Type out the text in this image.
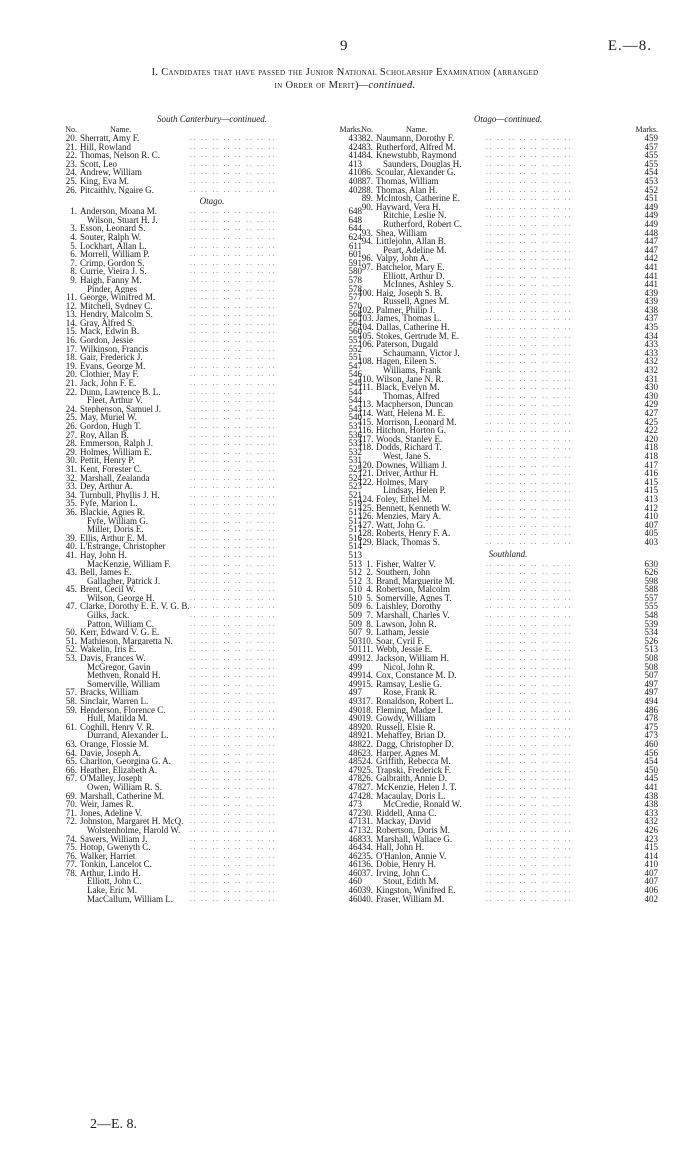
9	E.—8.
I. Candidates that have passed the Junior National Scholarship Examination (arranged
in Order of Merit)—continued.
South Canterbury—continued.
No.	Name.	Marks.
20. Sherratt, Amy F.	.. .. .. .. .. .. .. ..	433
21. Hill, Rowland	.. .. .. .. .. .. .. ..	424
22. Thomas, Nelson R. C.	.. .. .. .. .. .. .. ..	414
23. Scott, Leo	.. .. .. .. .. .. .. ..	413
24. Andrew, William	.. .. .. .. .. .. .. ..	410
25. King, Eva M.	.. .. .. .. .. .. .. ..	408
26. Pitcaithly, Ngaire G.	.. .. .. .. .. .. .. ..	402
Otago.
1. Anderson, Moana M.	.. .. .. .. .. .. .. ..	648
Wilson, Stuart H. J.	.. .. .. .. .. .. .. ..	648
3. Esson, Leonard S.	.. .. .. .. .. .. .. ..	644
4. Souter, Ralph W.	.. .. .. .. .. .. .. ..	624
5. Lockhart, Allan L.	.. .. .. .. .. .. .. ..	611
6. Morrell, William P.	.. .. .. .. .. .. .. ..	601
7. Crimp, Gordon S.	.. .. .. .. .. .. .. ..	591
8. Currie, Vieira J. S.	.. .. .. .. .. .. .. ..	580
9. Haigh, Fanny M.	.. .. .. .. .. .. .. ..	578
Pinder, Agnes	.. .. .. .. .. .. .. ..	578
11. George, Winifred M.	.. .. .. .. .. .. .. ..	577
12. Mitchell, Sydney C.	.. .. .. .. .. .. .. ..	570
13. Hendry, Malcolm S.	.. .. .. .. .. .. .. ..	568
14. Gray, Alfred S.	.. .. .. .. .. .. .. ..	564
15. Mack, Edwin B.	.. .. .. .. .. .. .. ..	560
16. Gordon, Jessie	.. .. .. .. .. .. .. ..	557
17. Wilkinson, Francis	.. .. .. .. .. .. .. ..	552
18. Gair, Frederick J.	.. .. .. .. .. .. .. ..	551
19. Evans, George M.	.. .. .. .. .. .. .. ..	547
20. Clothier, May F.	.. .. .. .. .. .. .. ..	546
21. Jack, John F. E.	.. .. .. .. .. .. .. ..	545
22. Dunn, Lawrence B. L.	.. .. .. .. .. .. .. ..	544
Fleet, Arthur V.	.. .. .. .. .. .. .. ..	544
24. Stephenson, Samuel J.	.. .. .. .. .. .. .. ..	543
25. May, Muriel W.	.. .. .. .. .. .. .. ..	540
26. Gordon, Hugh T.	.. .. .. .. .. .. .. ..	537
27. Roy, Allan B.	.. .. .. .. .. .. .. ..	536
28. Emmerson, Ralph J.	.. .. .. .. .. .. .. ..	533
29. Holmes, William E.	.. .. .. .. .. .. .. ..	532
30. Pettit, Henry P.	.. .. .. .. .. .. .. ..	531
31. Kent, Forester C.	.. .. .. .. .. .. .. ..	525
32. Marshall, Zealanda	.. .. .. .. .. .. .. ..	524
33. Dey, Arthur A.	.. .. .. .. .. .. .. ..	523
34. Turnbull, Phyllis J. H.	.. .. .. .. .. .. .. ..	521
35. Fyfe, Marion L.	.. .. .. .. .. .. .. ..	519
36. Blackie, Agnes R.	.. .. .. .. .. .. .. ..	517
Fyfe, William G.	.. .. .. .. .. .. .. ..	517
Miller, Doris E.	.. .. .. .. .. .. .. ..	517
39. Ellis, Arthur E. M.	.. .. .. .. .. .. .. ..	516
40. L'Estrange, Christopher	.. .. .. .. .. .. .. ..	514
41. Hay, John H.	.. .. .. .. .. .. .. ..	513
MacKenzie, William F.	.. .. .. .. .. .. .. ..	513
43. Bell, James E.	.. .. .. .. .. .. .. ..	512
Gallagher, Patrick J.	.. .. .. .. .. .. .. ..	512
45. Brent, Cecil W.	.. .. .. .. .. .. .. ..	510
Wilson, George H.	.. .. .. .. .. .. .. ..	510
47. Clarke, Dorothy E. E. V. G. B. .. .. .. .. .. .. .. ..	509
Gilks, Jack.	.. .. .. .. .. .. .. ..	509
Patton, William C.	.. .. .. .. .. .. .. ..	509
50. Kerr, Edward V. G. E.	.. .. .. .. .. .. .. ..	507
51. Mathieson, Margaretta N.	.. .. .. .. .. .. .. ..	503
52. Wakelin, Iris E.	.. .. .. .. .. .. .. ..	501
53. Davis, Frances W.	.. .. .. .. .. .. .. ..	499
McGregor, Gavin	.. .. .. .. .. .. .. ..	499
Methven, Ronald H.	.. .. .. .. .. .. .. ..	499
Somerville, William	.. .. .. .. .. .. .. ..	499
57. Bracks, William	.. .. .. .. .. .. .. ..	497
58. Sinclair, Warren L.	.. .. .. .. .. .. .. ..	493
59. Henderson, Florence C.	.. .. .. .. .. .. .. ..	490
Hull, Matilda M.	.. .. .. .. .. .. .. ..	490
61. Coghill, Henry V. R.	.. .. .. .. .. .. .. ..	489
Durrand, Alexander L.	.. .. .. .. .. .. .. ..	489
63. Orange, Flossie M.	.. .. .. .. .. .. .. ..	488
64. Davie, Joseph A.	.. .. .. .. .. .. .. ..	486
65. Charlton, Georgina G. A.	.. .. .. .. .. .. .. ..	485
66. Heather, Elizabeth A.	.. .. .. .. .. .. .. ..	479
67. O'Malley, Joseph	.. .. .. .. .. .. .. ..	478
Owen, William R. S.	.. .. .. .. .. .. .. ..	478
69. Marshall, Catherine M.	.. .. .. .. .. .. .. ..	474
70. Weir, James R.	.. .. .. .. .. .. .. ..	473
71. Jones, Adeline V.	.. .. .. .. .. .. .. ..	472
72. Johnston, Margaret H. McQ. .. .. .. .. .. .. .. ..	471
Wolstenholme, Harold W.	.. .. .. .. .. .. .. ..	471
74. Sawers, William J.	.. .. .. .. .. .. .. ..	468
75. Hotop, Gwenyth C.	.. .. .. .. .. .. .. ..	464
76. Walker, Harriet	.. .. .. .. .. .. .. ..	462
77. Tonkin, Lancelot C.	.. .. .. .. .. .. .. ..	461
78. Arthur, Lindo H.	.. .. .. .. .. .. .. ..	460
Elliott, John C.	.. .. .. .. .. .. .. ..	460
Lake, Eric M.	.. .. .. .. .. .. .. ..	460
MacCallum, William L.	.. .. .. .. .. .. .. ..	460
Otago—continued.
No.	Name.	Marks.
82. Naumann, Dorothy F.	.. .. .. .. .. .. .. ..	459
83. Rutherford, Alfred M.	.. .. .. .. .. .. .. ..	457
84. Knewstubb, Raymond	.. .. .. .. .. .. .. ..	455
Saunders, Douglas H.	.. .. .. .. .. .. .. ..	455
86. Scoular, Alexander G.	.. .. .. .. .. .. .. ..	454
87. Thomas, William	.. .. .. .. .. .. .. ..	453
88. Thomas, Alan H.	.. .. .. .. .. .. .. ..	452
89. McIntosh, Catherine E.	.. .. .. .. .. .. .. ..	451
90. Hayward, Vera H.	.. .. .. .. .. .. .. ..	449
Ritchie, Leslie N.	.. .. .. .. .. .. .. ..	449
Rutherford, Robert C.	.. .. .. .. .. .. .. ..	449
93. Shea, William	.. .. .. .. .. .. .. ..	448
94. Littlejohn, Allan B.	.. .. .. .. .. .. .. ..	447
Peart, Adeline M.	.. .. .. .. .. .. .. ..	447
96. Valpy, John A.	.. .. .. .. .. .. .. ..	442
97. Batchelor, Mary E.	.. .. .. .. .. .. .. ..	441
Elliott, Arthur D.	.. .. .. .. .. .. .. ..	441
McInnes, Ashley S.	.. .. .. .. .. .. .. ..	441
100. Haig, Joseph S. B.	.. .. .. .. .. .. .. ..	439
Russell, Agnes M.	.. .. .. .. .. .. .. ..	439
102. Palmer, Philip J.	.. .. .. .. .. .. .. ..	438
103. James, Thomas L.	.. .. .. .. .. .. .. ..	437
104. Dallas, Catherine H.	.. .. .. .. .. .. .. ..	435
105. Stokes, Gertrude M. E.	.. .. .. .. .. .. .. ..	434
106. Paterson, Dugald	.. .. .. .. .. .. .. ..	433
Schaumann, Victor J.	.. .. .. .. .. .. .. ..	433
108. Hagen, Eileen S.	.. .. .. .. .. .. .. ..	432
Williams, Frank	.. .. .. .. .. .. .. ..	432
110. Wilson, Jane N. R.	.. .. .. .. .. .. .. ..	431
111. Black, Evelyn M.	.. .. .. .. .. .. .. ..	430
Thomas, Alfred	.. .. .. .. .. .. .. ..	430
113. Macpherson, Duncan	.. .. .. .. .. .. .. ..	429
114. Watt, Helena M. E.	.. .. .. .. .. .. .. ..	427
115. Morrison, Leonard M.	.. .. .. .. .. .. .. ..	425
116. Hitchon, Horton G.	.. .. .. .. .. .. .. ..	422
117. Woods, Stanley E.	.. .. .. .. .. .. .. ..	420
118. Dodds, Richard T.	.. .. .. .. .. .. .. ..	418
West, Jane S.	.. .. .. .. .. .. .. ..	418
120. Downes, William J.	.. .. .. .. .. .. .. ..	417
121. Driver, Arthur H.	.. .. .. .. .. .. .. ..	416
122. Holmes, Mary	.. .. .. .. .. .. .. ..	415
Lindsay, Helen P.	.. .. .. .. .. .. .. ..	415
124. Foley, Ethel M.	.. .. .. .. .. .. .. ..	413
125. Bennett, Kenneth W.	.. .. .. .. .. .. .. ..	412
126. Menzies, Mary A.	.. .. .. .. .. .. .. ..	410
127. Watt, John G.	.. .. .. .. .. .. .. ..	407
128. Roberts, Henry F. A.	.. .. .. .. .. .. .. ..	405
129. Black, Thomas S.	.. .. .. .. .. .. .. ..	403
Southland.
1. Fisher, Walter V.	.. .. .. .. .. .. .. ..	630
2. Southern, John	.. .. .. .. .. .. .. ..	626
3. Brand, Marguerite M.	.. .. .. .. .. .. .. ..	598
4. Robertson, Malcolm	.. .. .. .. .. .. .. ..	588
5. Somerville, Agnes T.	.. .. .. .. .. .. .. ..	557
6. Laishley, Dorothy	.. .. .. .. .. .. .. ..	555
7. Marshall, Charles V.	.. .. .. .. .. .. .. ..	548
8. Lawson, John R.	.. .. .. .. .. .. .. ..	539
9. Latham, Jessie	.. .. .. .. .. .. .. ..	534
10. Soar, Cyril F.	.. .. .. .. .. .. .. ..	526
11. Webb, Jessie E.	.. .. .. .. .. .. .. ..	513
12. Jackson, William H.	.. .. .. .. .. .. .. ..	508
Nicol, John R.	.. .. .. .. .. .. .. ..	508
14. Cox, Constance M. D.	.. .. .. .. .. .. .. ..	507
15. Ramsay, Leslie G.	.. .. .. .. .. .. .. ..	497
Rose, Frank R.	.. .. .. .. .. .. .. ..	497
17. Ronaldson, Robert L.	.. .. .. .. .. .. .. ..	494
18. Fleming, Madge I.	.. .. .. .. .. .. .. ..	486
19. Gowdy, William	.. .. .. .. .. .. .. ..	478
20. Russell, Elsie R.	.. .. .. .. .. .. .. ..	475
21. Mehaffey, Brian D.	.. .. .. .. .. .. .. ..	473
22. Dagg, Christopher D.	.. .. .. .. .. .. .. ..	460
23. Harper, Agnes M.	.. .. .. .. .. .. .. ..	456
24. Griffith, Rebecca M.	.. .. .. .. .. .. .. ..	454
25. Trapski, Frederick F.	.. .. .. .. .. .. .. ..	450
26. Galbraith, Annie D.	.. .. .. .. .. .. .. ..	445
27. McKenzie, Helen J. T.	.. .. .. .. .. .. .. ..	441
28. Macaulay, Doris L.	.. .. .. .. .. .. .. ..	438
McCredie, Ronald W.	.. .. .. .. .. .. .. ..	438
30. Riddell, Anna C.	.. .. .. .. .. .. .. ..	433
31. Mackay, David	.. .. .. .. .. .. .. ..	432
32. Robertson, Doris M.	.. .. .. .. .. .. .. ..	426
33. Marshall, Wallace G.	.. .. .. .. .. .. .. ..	423
34. Hall, John H.	.. .. .. .. .. .. .. ..	415
35. O'Hanlon, Annie V.	.. .. .. .. .. .. .. ..	414
36. Dobie, Henry H.	.. .. .. .. .. .. .. ..	410
37. Irving, John C.	.. .. .. .. .. .. .. ..	407
Stout, Edith M.	.. .. .. .. .. .. .. ..	407
39. Kingston, Winifred E.	.. .. .. .. .. .. .. ..	406
40. Fraser, William M.	.. .. .. .. .. .. .. ..	402
2—E. 8.
